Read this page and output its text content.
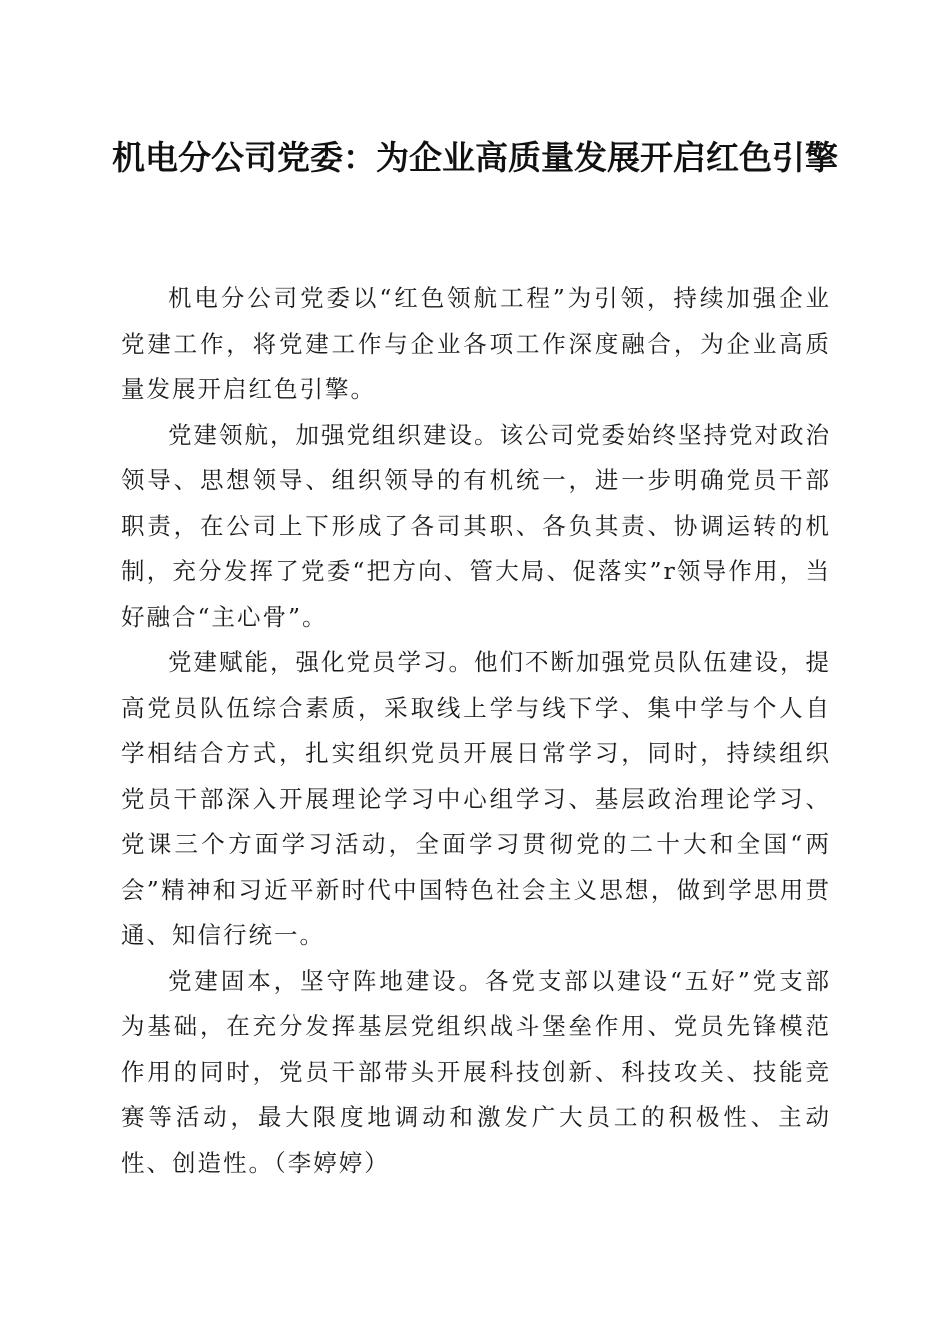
机电分公司党委：为企业高质量发展开启红色引擎

机电分公司党委以“红色领航工程”为引领，持续加强企业党建工作，将党建工作与企业各项工作深度融合，为企业高质量发展开启红色引擎。

党建领航，加强党组织建设。该公司党委始终坚持党对政治领导、思想领导、组织领导的有机统一，进一步明确党员干部职责，在公司上下形成了各司其职、各负其责、协调运转的机制，充分发挥了党委“把方向、管大局、促落实”r领导作用，当好融合“主心骨”。

党建赋能，强化党员学习。他们不断加强党员队伍建设，提高党员队伍综合素质，采取线上学与线下学、集中学与个人自学相结合方式，扎实组织党员开展日常学习，同时，持续组织党员干部深入开展理论学习中心组学习、基层政治理论学习、党课三个方面学习活动，全面学习贯彻党的二十大和全国“两会”精神和习近平新时代中国特色社会主义思想，做到学思用贯通、知信行统一。

党建固本，坚守阵地建设。各党支部以建设“五好”党支部为基础，在充分发挥基层党组织战斗堡垒作用、党员先锋模范作用的同时，党员干部带头开展科技创新、科技攻关、技能竞赛等活动，最大限度地调动和激发广大员工的积极性、主动性、创造性。（李婷婷）
